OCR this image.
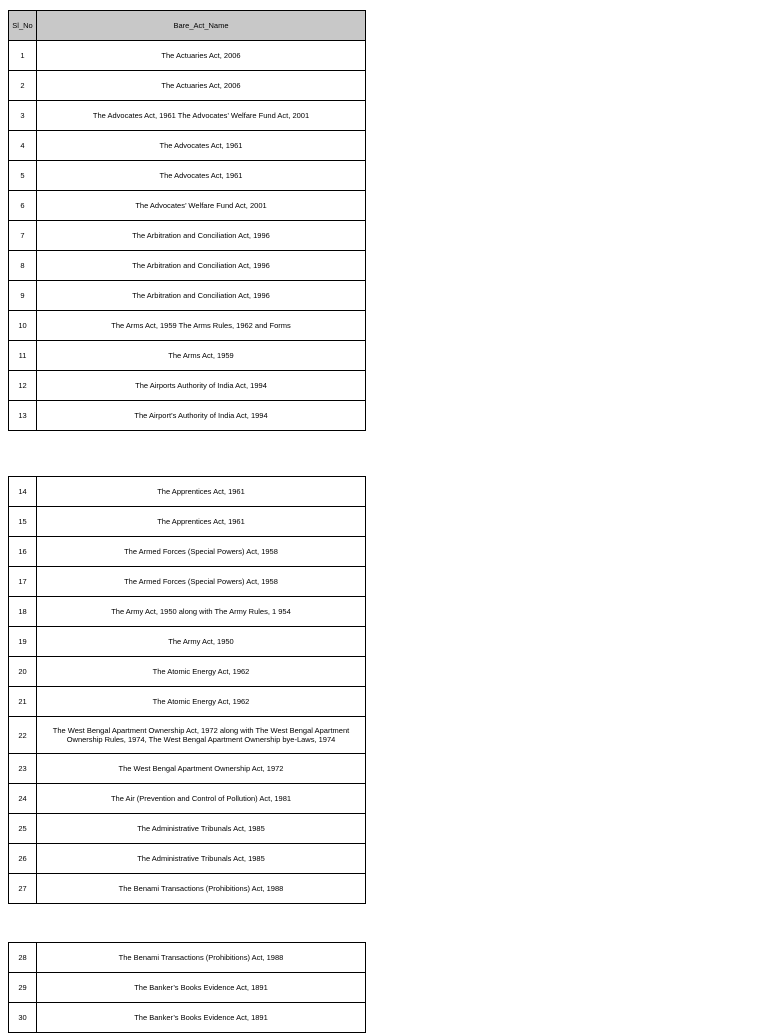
Sl_No	Bare_Act_Name
1	The Actuaries Act, 2006
2	The Actuaries Act, 2006
3	The Advocates Act, 1961 The Advocates’ Welfare Fund Act, 2001
4	The Advocates Act, 1961
5	The Advocates Act, 1961
6	The Advocates’ Welfare Fund Act, 2001
7	The Arbitration and Conciliation Act, 1996
8	The Arbitration and Conciliation Act, 1996
9	The Arbitration and Conciliation Act, 1996
10	The Arms Act, 1959 The Arms Rules, 1962 and Forms
11	The Arms Act, 1959
12	The Airports Authority of India Act, 1994
13	The Airport’s Authority of India Act, 1994
14	The Apprentices Act, 1961
15	The Apprentices Act, 1961
16	The Armed Forces (Special Powers) Act, 1958
17	The Armed Forces (Special Powers) Act, 1958
18	The Army Act, 1950 along with The Army Rules, 1 954
19	The Army Act, 1950
20	The Atomic Energy Act, 1962
21	The Atomic Energy Act, 1962
22	The West Bengal Apartment Ownership Act, 1972 along with The West Bengal Apartment Ownership Rules, 1974, The West Bengal Apartment Ownership bye-Laws, 1974
23	The West Bengal Apartment Ownership Act, 1972
24	The Air (Prevention and Control of Pollution) Act, 1981
25	The Administrative Tribunals Act, 1985
26	The Administrative Tribunals Act, 1985
27	The Benami Transactions (Prohibitions) Act, 1988
28	The Benami Transactions (Prohibitions) Act, 1988
29	The Banker’s Books Evidence Act, 1891
30	The Banker’s Books Evidence Act, 1891
